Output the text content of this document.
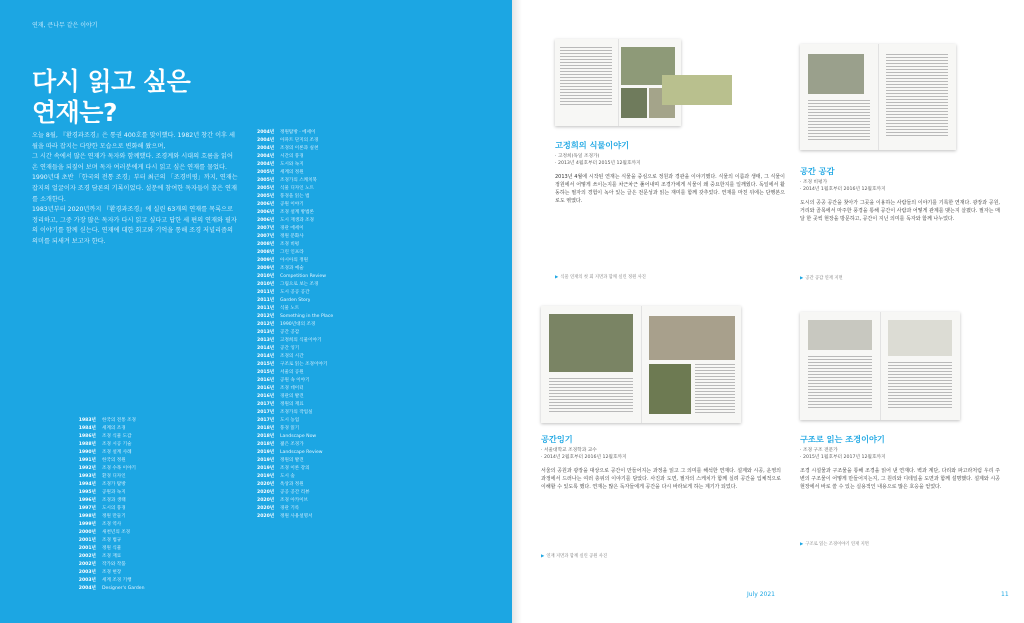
연재, 큰나무 같은 이야기
다시 읽고 싶은
연재는?

오늘 8월, 『환경과조경』은 통권 400호를 맞이했다. 1982년 창간 이후 세월을 따라 잡지는 다양한 모습으로 변화해 왔으며,

그 시간 속에서 많은 연재가 독자와 함께했다. 조경계와 시대의 흐름을 읽어 온 연재들을 되짚어 보며 독자 여러분에게 다시 읽고 싶은 연재를 물었다.

1990년대 초반 「한국의 전통 조경」부터 최근의 「조경비평」까지, 연재는 잡지의 얼굴이자 조경 담론의 기록이었다. 설문에 참여한 독자들이 꼽은 연재를 소개한다.

1983년부터 2020년까지 『환경과조경』에 실린 63개의 연재를 목록으로 정리하고, 그중 가장 많은 독자가 다시 읽고 싶다고 답한 세 편의 연재와 필자의 이야기를 함께 싣는다. 연재에 대한 회고와 기억을 통해 조경 저널리즘의 의미를 되새겨 보고자 한다.

2004년	정원탐방 · 에세이
2004년	아파트 단지의 조경
2004년	조경의 이론과 실천
2004년	시간의 풍경
2004년	도시와 녹지
2005년	세계의 정원
2005년	조경가의 스케치북
2005년	식물 디자인 노트
2005년	풍경을 읽는 법
2006년	공원 이야기
2006년	조경 설계 방법론
2006년	도시 재생과 조경
2007년	경관 에세이
2007년	정원 문화사
2008년	조경 비평
2008년	그린 인프라
2009년	아시아의 정원
2009년	조경과 예술
2010년	Competition Review
2010년	그림으로 보는 조경
2011년	도시 공공 공간
2011년	Garden Story
2011년	식물 노트
2012년	Something in the Place
2012년	1990년대의 조경
2013년	공간 공감
2013년	고정희의 식물이야기
2014년	공간 잉기
2014년	조경의 시간
2015년	구조로 읽는 조경이야기
2015년	서울의 공원
2016년	공원 속 이야기
2016년	조경 데이터
2016년	경관의 발견
2017년	정원의 재료
2017년	조경가의 작업실
2017년	도시 농업
2018년	풍경 읽기
2018년	Landscape Now
2018년	젊은 조경가
2019년	Landscape Review
2019년	정원의 발견
2019년	조경 이론 강의
2019년	도시 숲
2020년	옥상과 정원
2020년	공공 공간 리뷰
2020년	조경 아카이브
2020년	경관 기록
2020년	정원 사용설명서
1983년	한국의 전통 조경
1984년	세계의 조경
1986년	조경 식물 도감
1988년	조경 시공 기술
1990년	조경 설계 사례
1991년	한국의 정원
1992년	조경 수목 이야기
1993년	환경 디자인
1994년	조경가 탐방
1995년	공원과 녹지
1996년	조경과 생태
1997년	도시의 풍경
1998년	정원 만들기
1999년	조경 역사
2000년	새천년의 조경
2001년	조경 법규
2001년	정원 식물
2002년	조경 재료
2002년	작가와 작품
2003년	조경 현장
2003년	세계 조경 기행
2004년	Designer's Garden
고정희의 식물이야기
· 고정희(독일 조경가)
· 2013년 4월호부터 2015년 12월호까지
2013년 4월에 시작된 연재는 식물을 중심으로 정원과 경관을 이야기했다. 식물의 이름과 생태, 그 식물이 정원에서 어떻게 쓰이는지를 차근차근 풀어내며 조경가에게 식물이 왜 중요한지를 일깨웠다. 독일에서 활동하는 필자의 경험이 녹아 있는 글은 전문성과 읽는 재미를 함께 갖추었다. 연재를 마친 뒤에는 단행본으로도 엮였다.
▶ 식물 연재의 첫 회 지면과 함께 실린 정원 사진
공간 공감
· 조경 비평가
· 2014년 1월호부터 2016년 12월호까지
도시의 공공 공간을 찾아가 그곳을 이용하는 사람들의 이야기를 기록한 연재다. 광장과 공원, 거리와 골목에서 마주한 풍경을 통해 공간이 사람과 어떻게 관계를 맺는지 살폈다. 필자는 매달 한 곳씩 현장을 방문하고, 공간이 지닌 의미를 독자와 함께 나누었다.
▶ 공간 공감 연재 지면
공간잉기
· 서울대학교 조경학과 교수
· 2014년 2월호부터 2016년 12월호까지
서울의 공원과 광장을 대상으로 공간이 만들어지는 과정을 읽고 그 의미를 해석한 연재다. 설계와 시공, 운영의 과정에서 드러나는 여러 층위의 이야기를 담았다. 사진과 도면, 필자의 스케치가 함께 실려 공간을 입체적으로 이해할 수 있도록 했다. 연재는 많은 독자들에게 공간을 다시 바라보게 하는 계기가 되었다.
▶ 연재 지면과 함께 실린 공원 사진
구조로 읽는 조경이야기
· 조경 구조 전문가
· 2015년 1월호부터 2017년 12월호까지
조경 시설물과 구조물을 통해 조경을 읽어 낸 연재다. 벽과 계단, 다리와 파고라처럼 우리 주변의 구조물이 어떻게 만들어지는지, 그 원리와 디테일을 도면과 함께 설명했다. 설계와 시공 현장에서 바로 쓸 수 있는 실용적인 내용으로 많은 호응을 얻었다.
▶ 구조로 읽는 조경이야기 연재 지면
July 2021	11
